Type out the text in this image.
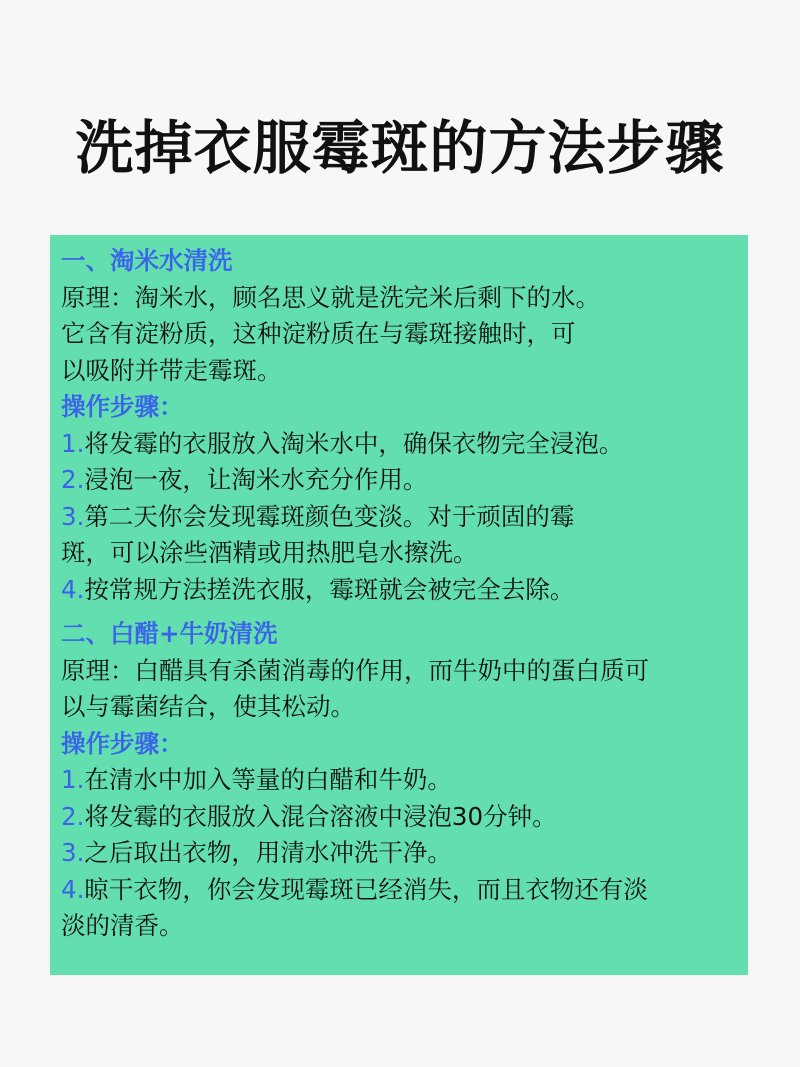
洗掉衣服霉斑的方法步骤
一、淘米水清洗
原理：淘米水，顾名思义就是洗完米后剩下的水。
它含有淀粉质，这种淀粉质在与霉斑接触时，可
以吸附并带走霉斑。
操作步骤：
1.将发霉的衣服放入淘米水中，确保衣物完全浸泡。
2.浸泡一夜，让淘米水充分作用。
3.第二天你会发现霉斑颜色变淡。对于顽固的霉
斑，可以涂些酒精或用热肥皂水擦洗。
4.按常规方法搓洗衣服，霉斑就会被完全去除。
二、白醋+牛奶清洗
原理：白醋具有杀菌消毒的作用，而牛奶中的蛋白质可
以与霉菌结合，使其松动。
操作步骤：
1.在清水中加入等量的白醋和牛奶。
2.将发霉的衣服放入混合溶液中浸泡30分钟。
3.之后取出衣物，用清水冲洗干净。
4.晾干衣物，你会发现霉斑已经消失，而且衣物还有淡
淡的清香。
